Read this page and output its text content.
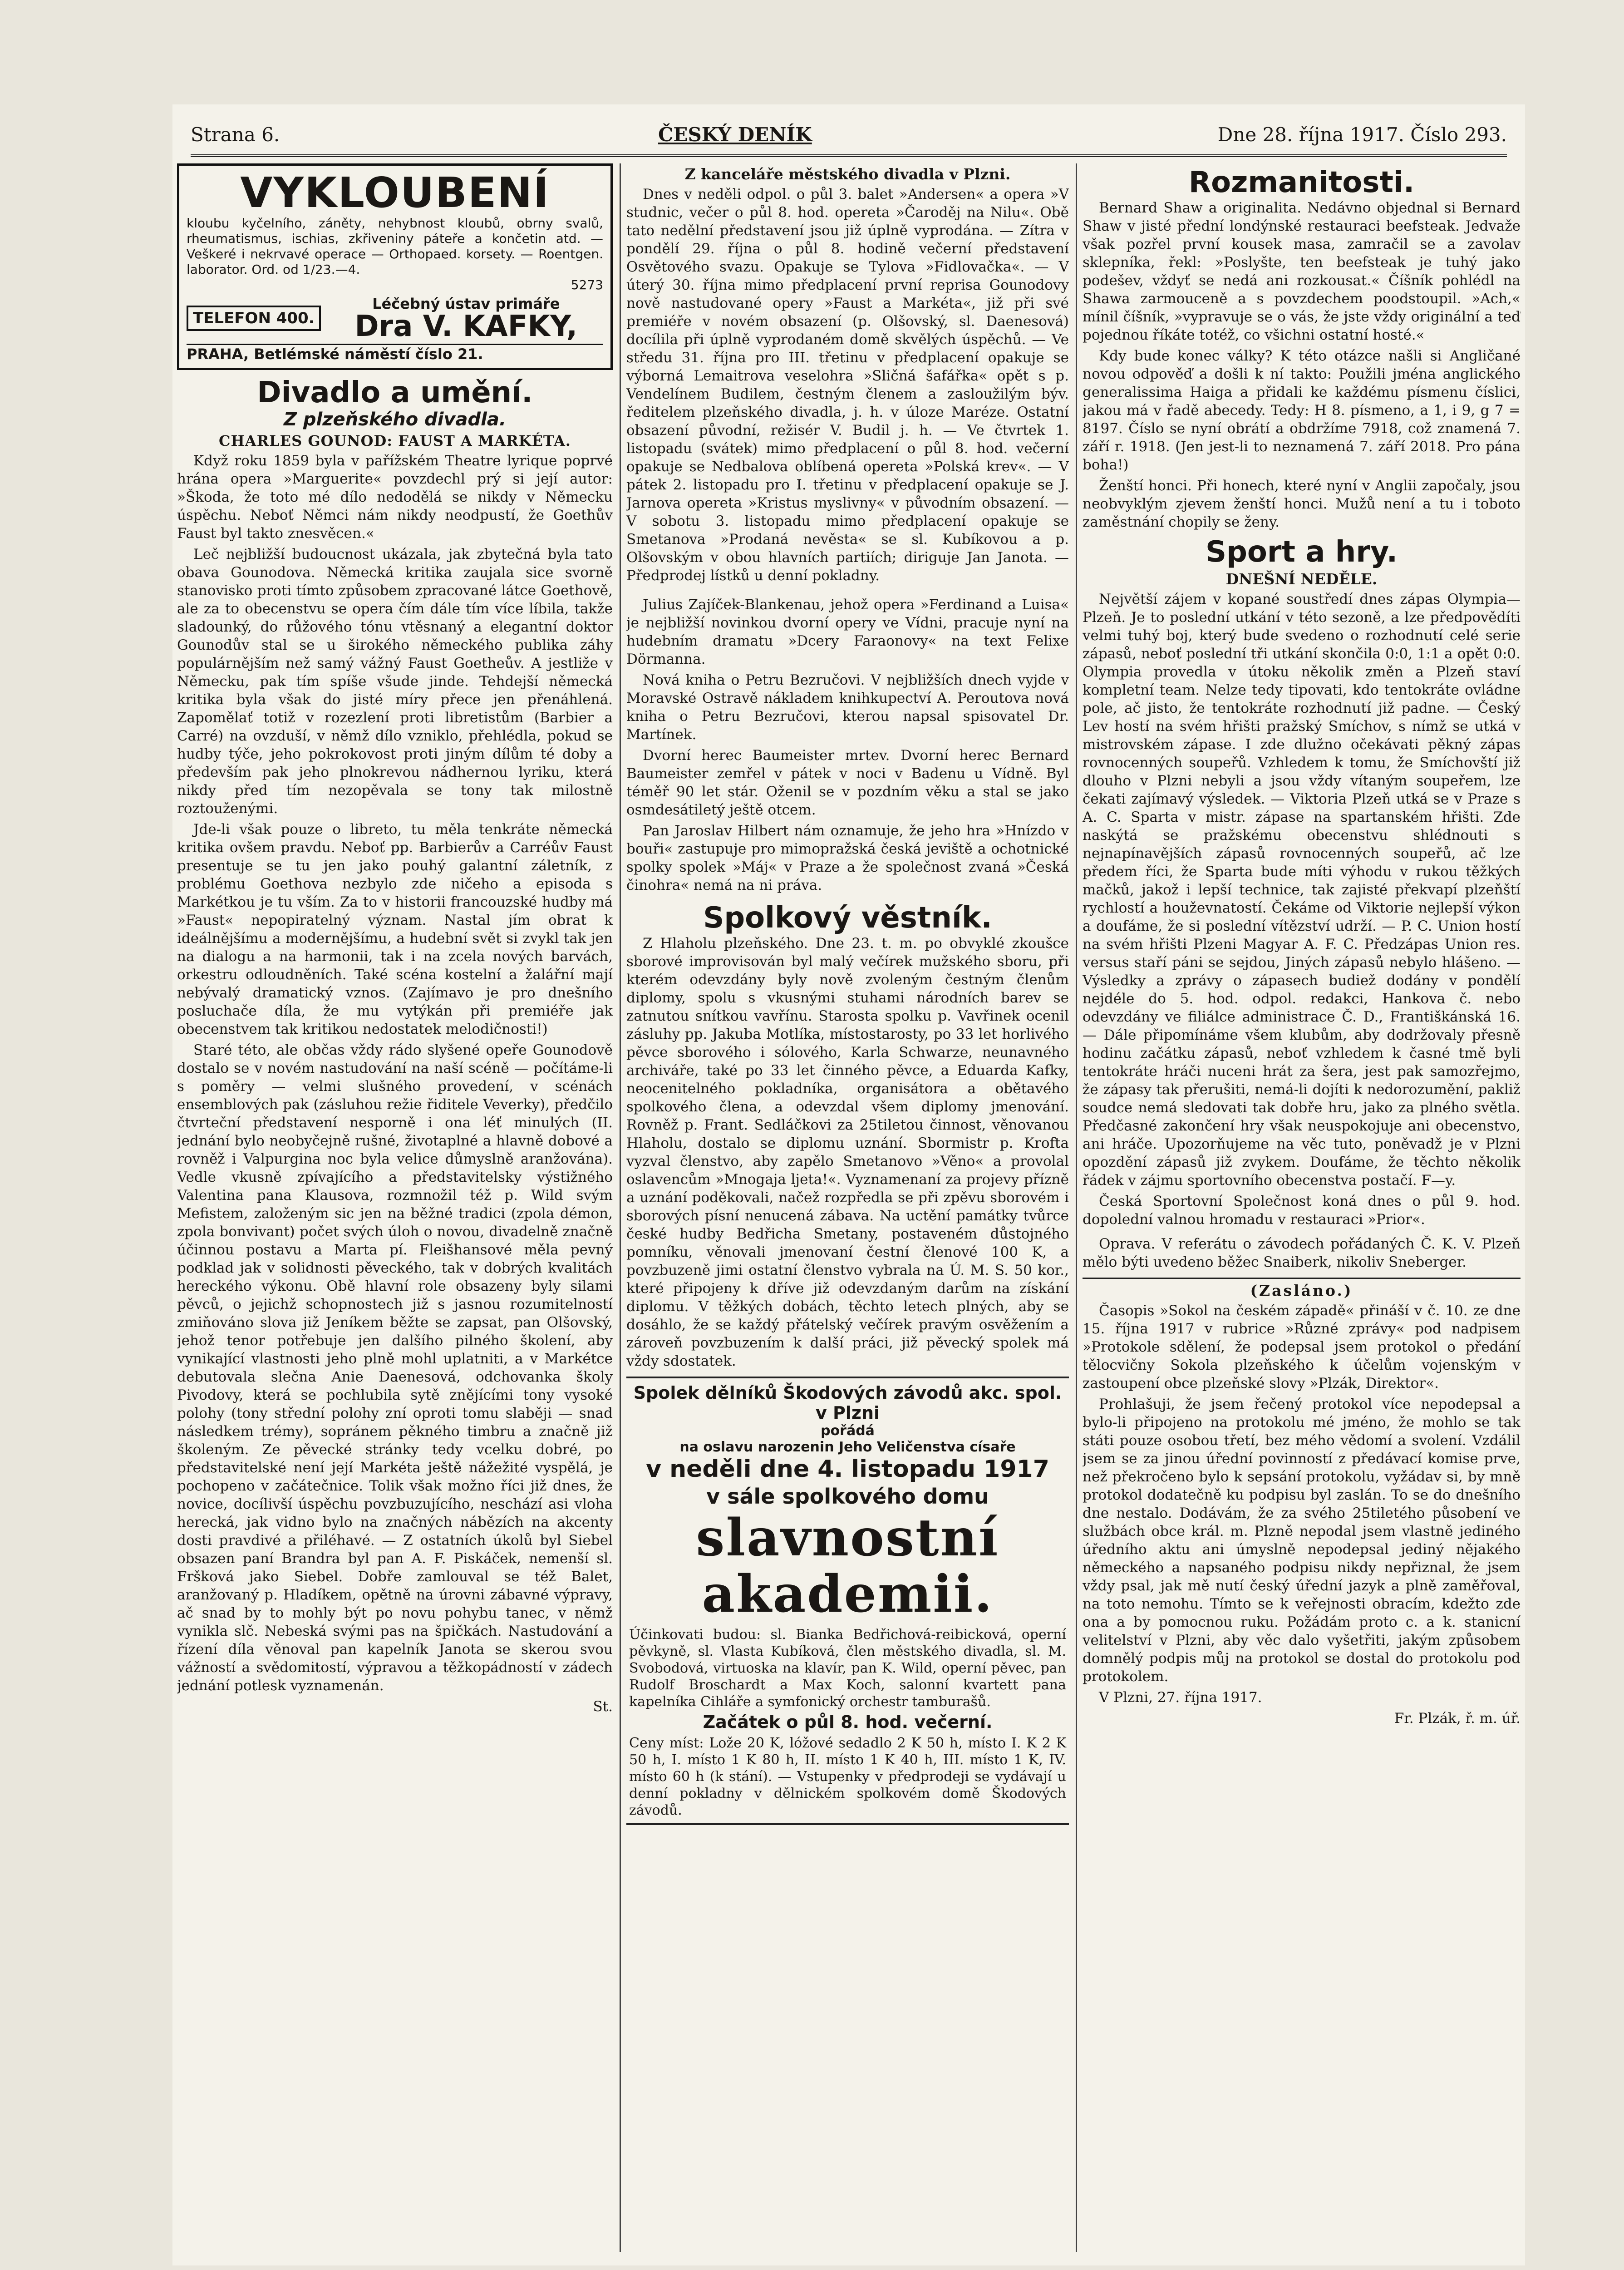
Strana 6.	ČESKÝ DENÍK	Dne 28. října 1917. Číslo 293.
VYKLOUBENÍ
kloubu kyčelního, záněty, nehybnost kloubů, obrny svalů, rheumatismus, ischias, zkřiveniny páteře a končetin atd. — Veškeré i nekrvavé operace — Orthopaed. korsety. — Roentgen. laborator. Ord. od 1/23.—4.
5273
TELEFON 400.
Léčebný ústav primáře
Dra V. KAFKY,
PRAHA, Betlémské náměstí číslo 21.
Divadlo a umění.
Z plzeňského divadla.
CHARLES GOUNOD: FAUST A MARKÉTA.

Když roku 1859 byla v pařížském Theatre lyrique poprvé hrána opera »Marguerite« povzdechl prý si její autor: »Škoda, že toto mé dílo nedodělá se nikdy v Německu úspěchu. Neboť Němci nám nikdy neodpustí, že Goethův Faust byl takto znesvěcen.«

Leč nejbližší budoucnost ukázala, jak zbytečná byla tato obava Gounodova. Německá kritika zaujala sice svorně stanovisko proti tímto způsobem zpracované látce Goethově, ale za to obecenstvu se opera čím dále tím více líbila, takže sladounký, do růžového tónu vtěsnaný a elegantní doktor Gounodův stal se u širokého německého publika záhy populárnějším než samý vážný Faust Goetheův. A jestliže v Německu, pak tím spíše všude jinde. Tehdejší německá kritika byla však do jisté míry přece jen přenáhlená. Zapomělať totiž v rozezlení proti libretistům (Barbier a Carré) na ovzduší, v němž dílo vzniklo, přehlédla, pokud se hudby týče, jeho pokrokovost proti jiným dílům té doby a především pak jeho plnokrevou nádhernou lyriku, která nikdy před tím nezopěvala se tony tak milostně roztouženými.

Jde-li však pouze o libreto, tu měla tenkráte německá kritika ovšem pravdu. Neboť pp. Barbierův a Carréův Faust presentuje se tu jen jako pouhý galantní záletník, z problému Goethova nezbylo zde ničeho a episoda s Markétkou je tu vším. Za to v historii francouzské hudby má »Faust« nepopiratelný význam. Nastal jím obrat k ideálnějšímu a modernějšímu, a hudební svět si zvykl tak jen na dialogu a na harmonii, tak i na zcela nových barvách, orkestru odloudněních. Také scéna kostelní a žalářní mají nebývalý dramatický vznos. (Zajímavo je pro dnešního posluchače díla, že mu vytýkán při premiéře jak obecenstvem tak kritikou nedostatek melodičnosti!)

Staré této, ale občas vždy rádo slyšené opeře Gounodově dostalo se v novém nastudování na naší scéně — počítáme-li s poměry — velmi slušného provedení, v scénách ensemblových pak (zásluhou režie řiditele Veverky), předčilo čtvrteční představení nesporně i ona léť minulých (II. jednání bylo neobyčejně rušné, životaplné a hlavně dobové a rovněž i Valpurgina noc byla velice důmyslně aranžována). Vedle vkusně zpívajícího a představitelsky výstižného Valentina pana Klausova, rozmnožil též p. Wild svým Mefistem, založeným sic jen na běžné tradici (zpola démon, zpola bonvivant) počet svých úloh o novou, divadelně značně účinnou postavu a Marta pí. Fleišhansové měla pevný podklad jak v solidnosti pěveckého, tak v dobrých kvalitách hereckého výkonu. Obě hlavní role obsazeny byly silami pěvců, o jejichž schopnostech již s jasnou rozumitelností zmiňováno slova již Jeníkem běžte se zapsat, pan Olšovský, jehož tenor potřebuje jen dalšího pilného školení, aby vynikající vlastnosti jeho plně mohl uplatniti, a v Markétce debutovala slečna Anie Daenesová, odchovanka školy Pivodovy, která se pochlubila sytě znějícími tony vysoké polohy (tony střední polohy zní oproti tomu slaběji — snad následkem trémy), sopránem pěkného timbru a značně již školeným. Ze pěvecké stránky tedy vcelku dobré, po představitelské není její Markéta ještě nážežité vyspělá, je pochopeno v začátečnice. Tolik však možno říci již dnes, že novice, docílivší úspěchu povzbuzujícího, neschází asi vloha herecká, jak vidno bylo na značných nábězích na akcenty dosti pravdivé a přiléhavé. — Z ostatních úkolů byl Siebel obsazen paní Brandra byl pan A. F. Piskáček, nemenší sl. Fršková jako Siebel. Dobře zamlouval se též Balet, aranžovaný p. Hladíkem, opětně na úrovni zábavné výpravy, ač snad by to mohly být po novu pohybu tanec, v němž vynikla slč. Nebeská svými pas na špičkách. Nastudování a řízení díla věnoval pan kapelník Janota se skerou svou vážností a svědomitostí, výpravou a těžkopádností v zádech jednání potlesk vyznamenán.

St.
Z kanceláře městského divadla v Plzni.

Dnes v neděli odpol. o půl 3. balet »Andersen« a opera »V studnic, večer o půl 8. hod. opereta »Čaroděj na Nilu«. Obě tato nedělní představení jsou již úplně vyprodána. — Zítra v pondělí 29. října o půl 8. hodině večerní představení Osvětového svazu. Opakuje se Tylova »Fidlovačka«. — V úterý 30. října mimo předplacení první reprisa Gounodovy nově nastudované opery »Faust a Markéta«, již při své premiéře v novém obsazení (p. Olšovský, sl. Daenesová) docílila při úplně vyprodaném domě skvělých úspěchů. — Ve středu 31. října pro III. třetinu v předplacení opakuje se výborná Lemaitrova veselohra »Sličná šafářka« opět s p. Vendelínem Budilem, čestným členem a zasloužilým býv. ředitelem plzeňského divadla, j. h. v úloze Maréze. Ostatní obsazení původní, režisér V. Budil j. h. — Ve čtvrtek 1. listopadu (svátek) mimo předplacení o půl 8. hod. večerní opakuje se Nedbalova oblíbená opereta »Polská krev«. — V pátek 2. listopadu pro I. třetinu v předplacení opakuje se J. Jarnova opereta »Kristus myslivny« v původním obsazení. — V sobotu 3. listopadu mimo předplacení opakuje se Smetanova »Prodaná nevěsta« se sl. Kubíkovou a p. Olšovským v obou hlavních partiích; diriguje Jan Janota. — Předprodej lístků u denní pokladny.

Julius Zajíček-Blankenau, jehož opera »Ferdinand a Luisa« je nejbližší novinkou dvorní opery ve Vídni, pracuje nyní na hudebním dramatu »Dcery Faraonovy« na text Felixe Dörmanna.

Nová kniha o Petru Bezručovi. V nejbližších dnech vyjde v Moravské Ostravě nákladem knihkupectví A. Peroutova nová kniha o Petru Bezručovi, kterou napsal spisovatel Dr. Martínek.

Dvorní herec Baumeister mrtev. Dvorní herec Bernard Baumeister zemřel v pátek v noci v Badenu u Vídně. Byl téměř 90 let stár. Oženil se v pozdním věku a stal se jako osmdesátiletý ještě otcem.

Pan Jaroslav Hilbert nám oznamuje, že jeho hra »Hnízdo v bouři« zastupuje pro mimopražská česká jeviště a ochotnické spolky spolek »Máj« v Praze a že společnost zvaná »Česká činohra« nemá na ni práva.

Spolkový věstník.

Z Hlaholu plzeňského. Dne 23. t. m. po obvyklé zkoušce sborové improvisován byl malý večírek mužského sboru, při kterém odevzdány byly nově zvoleným čestným členům diplomy, spolu s vkusnými stuhami národních barev se zatnutou snítkou vavřínu. Starosta spolku p. Vavřinek ocenil zásluhy pp. Jakuba Motlíka, místostarosty, po 33 let horlivého pěvce sborového i sólového, Karla Schwarze, neunavného archiváře, také po 33 let činného pěvce, a Eduarda Kafky, neocenitelného pokladníka, organisátora a obětavého spolkového člena, a odevzdal všem diplomy jmenování. Rovněž p. Frant. Sedláčkovi za 25tiletou činnost, věnovanou Hlaholu, dostalo se diplomu uznání. Sbormistr p. Krofta vyzval členstvo, aby zapělo Smetanovo »Věno« a provolal oslavencům »Mnogaja ljeta!«. Vyznamenaní za projevy přízně a uznání poděkovali, načež rozpředla se při zpěvu sborovém i sborových písní nenucená zábava. Na uctění památky tvůrce české hudby Bedřicha Smetany, postaveném důstojného pomníku, věnovali jmenovaní čestní členové 100 K, a povzbuzeně jimi ostatní členstvo vybrala na Ú. M. S. 50 kor., které připojeny k dříve již odevzdaným darům na získání diplomu. V těžkých dobách, těchto letech plných, aby se dosáhlo, že se každý přátelský večírek pravým osvěžením a zároveň povzbuzením k další práci, již pěvecký spolek má vždy sdostatek.

Spolek dělníků Škodových závodů akc. spol. v Plzni
pořádá
na oslavu narozenin Jeho Veličenstva císaře
v neděli dne 4. listopadu 1917
v sále spolkového domu
slavnostní
akademii.
Účinkovati budou: sl. Bianka Bedřichová-reibicková, operní pěvkyně, sl. Vlasta Kubíková, člen městského divadla, sl. M. Svobodová, virtuoska na klavír, pan K. Wild, operní pěvec, pan Rudolf Broschardt a Max Koch, salonní kvartett pana kapelníka Cihláře a symfonický orchestr tamburašů.
Začátek o půl 8. hod. večerní.
Ceny míst: Lože 20 K, lóžové sedadlo 2 K 50 h, místo I. K 2 K 50 h, I. místo 1 K 80 h, II. místo 1 K 40 h, III. místo 1 K, IV. místo 60 h (k stání). — Vstupenky v předprodeji se vydávají u denní pokladny v dělnickém spolkovém domě Škodových závodů.
Rozmanitosti.

Bernard Shaw a originalita. Nedávno objednal si Bernard Shaw v jisté přední londýnské restauraci beefsteak. Jedvaže však pozřel první kousek masa, zamračil se a zavolav sklepníka, řekl: »Poslyšte, ten beefsteak je tuhý jako podešev, vždyť se nedá ani rozkousat.« Číšník pohlédl na Shawa zarmouceně a s povzdechem poodstoupil. »Ach,« mínil číšník, »vypravuje se o vás, že jste vždy originální a teď pojednou říkáte totéž, co všichni ostatní hosté.«

Kdy bude konec války? K této otázce našli si Angličané novou odpověď a došli k ní takto: Použili jména anglického generalissima Haiga a přidali ke každému písmenu číslici, jakou má v řadě abecedy. Tedy: H 8. písmeno, a 1, i 9, g 7 = 8197. Číslo se nyní obrátí a obdržíme 7918, což znamená 7. září r. 1918. (Jen jest-li to neznamená 7. září 2018. Pro pána boha!)

Ženští honci. Při honech, které nyní v Anglii započaly, jsou neobvyklým zjevem ženští honci. Mužů není a tu i toboto zaměstnání chopily se ženy.

Sport a hry.
DNEŠNÍ NEDĚLE.

Největší zájem v kopané soustředí dnes zápas Olympia—Plzeň. Je to poslední utkání v této sezoně, a lze předpovědíti velmi tuhý boj, který bude svedeno o rozhodnutí celé serie zápasů, neboť poslední tři utkání skončila 0:0, 1:1 a opět 0:0. Olympia provedla v útoku několik změn a Plzeň staví kompletní team. Nelze tedy tipovati, kdo tentokráte ovládne pole, ač jisto, že tentokráte rozhodnutí již padne. — Český Lev hostí na svém hřišti pražský Smíchov, s nímž se utká v mistrovském zápase. I zde dlužno očekávati pěkný zápas rovnocenných soupeřů. Vzhledem k tomu, že Smíchovští již dlouho v Plzni nebyli a jsou vždy vítaným soupeřem, lze čekati zajímavý výsledek. — Viktoria Plzeň utká se v Praze s A. C. Sparta v mistr. zápase na spartanském hřišti. Zde naskýtá se pražskému obecenstvu shlédnouti s nejnapínavějších zápasů rovnocenných soupeřů, ač lze předem říci, že Sparta bude míti výhodu v rukou těžkých mačků, jakož i lepší technice, tak zajisté překvapí plzeňští rychlostí a houževnatostí. Čekáme od Viktorie nejlepší výkon a doufáme, že si poslední vítězství udrží. — P. C. Union hostí na svém hřišti Plzeni Magyar A. F. C. Předzápas Union res. versus staří páni se sejdou, Jiných zápasů nebylo hlášeno. — Výsledky a zprávy o zápasech budiež dodány v pondělí nejdéle do 5. hod. odpol. redakci, Hankova č. nebo odevzdány ve filiálce administrace Č. D., Františkánská 16. — Dále připomínáme všem klubům, aby dodržovaly přesně hodinu začátku zápasů, neboť vzhledem k časné tmě byli tentokráte hráči nuceni hrát za šera, jest pak samozřejmo, že zápasy tak přerušiti, nemá-li dojíti k nedorozumění, pakliž soudce nemá sledovati tak dobře hru, jako za plného světla. Předčasné zakončení hry však neuspokojuje ani obecenstvo, ani hráče. Upozorňujeme na věc tuto, poněvadž je v Plzni opozdění zápasů již zvykem. Doufáme, že těchto několik řádek v zájmu sportovního obecenstva postačí. F—y.

Česká Sportovní Společnost koná dnes o půl 9. hod. dopolední valnou hromadu v restauraci »Prior«.

Oprava. V referátu o závodech pořádaných Č. K. V. Plzeň mělo býti uvedeno běžec Snaiberk, nikoliv Sneberger.

(Zasláno.)

Časopis »Sokol na českém západě« přináší v č. 10. ze dne 15. října 1917 v rubrice »Různé zprávy« pod nadpisem »Protokole sdělení, že podepsal jsem protokol o předání tělocvičny Sokola plzeňského k účelům vojenským v zastoupení obce plzeňské slovy »Plzák, Direktor«.

Prohlašuji, že jsem řečený protokol více nepodepsal a bylo-li připojeno na protokolu mé jméno, že mohlo se tak státi pouze osobou třetí, bez mého vědomí a svolení. Vzdálil jsem se za jinou úřední povinností z předávací komise prve, než překročeno bylo k sepsání protokolu, vyžádav si, by mně protokol dodatečně ku podpisu byl zaslán. To se do dnešního dne nestalo. Dodávám, že za svého 25tiletého působení ve službách obce král. m. Plzně nepodal jsem vlastně jediného úředního aktu ani úmyslně nepodepsal jediný nějakého německého a napsaného podpisu nikdy nepřiznal, že jsem vždy psal, jak mě nutí český úřední jazyk a plně zaměřoval, na toto nemohu. Tímto se k veřejnosti obracím, kdežto zde ona a by pomocnou ruku. Požádám proto c. a k. stanicní velitelství v Plzni, aby věc dalo vyšetřiti, jakým způsobem domnělý podpis můj na protokol se dostal do protokolu pod protokolem.

V Plzni, 27. října 1917.

Fr. Plzák, ř. m. úř.
